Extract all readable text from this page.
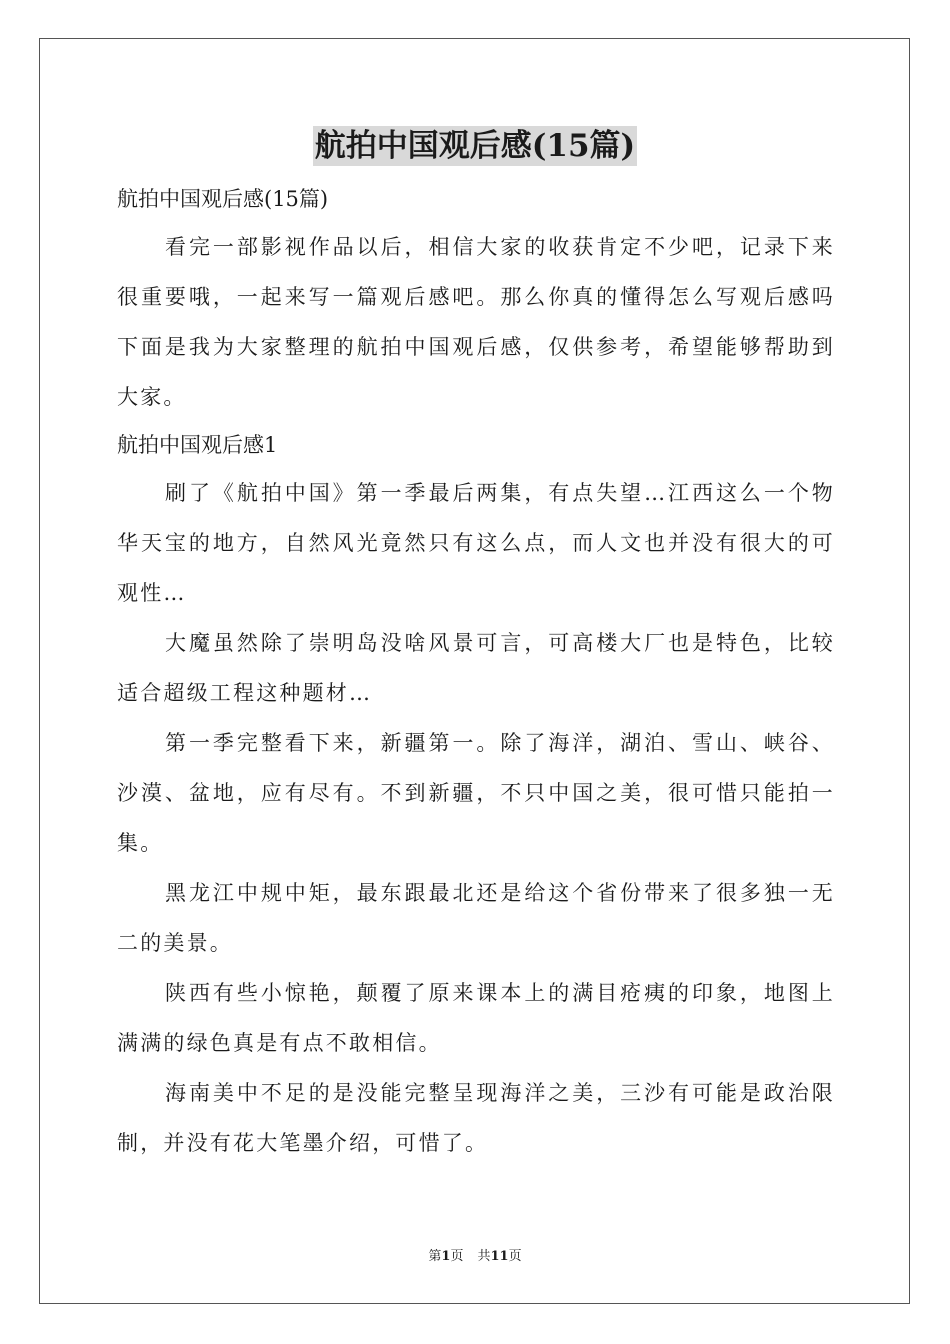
航拍中国观后感(15篇)

航拍中国观后感(15篇)

看完一部影视作品以后，相信大家的收获肯定不少吧，记录下来很重要哦，一起来写一篇观后感吧。那么你真的懂得怎么写观后感吗下面是我为大家整理的航拍中国观后感，仅供参考，希望能够帮助到大家。

航拍中国观后感1

刷了《航拍中国》第一季最后两集，有点失望…江西这么一个物华天宝的地方，自然风光竟然只有这么点，而人文也并没有很大的可观性…

大魔虽然除了崇明岛没啥风景可言，可高楼大厂也是特色，比较适合超级工程这种题材…

第一季完整看下来，新疆第一。除了海洋，湖泊、雪山、峡谷、沙漠、盆地，应有尽有。不到新疆，不只中国之美，很可惜只能拍一集。

黑龙江中规中矩，最东跟最北还是给这个省份带来了很多独一无二的美景。

陕西有些小惊艳，颠覆了原来课本上的满目疮痍的印象，地图上满满的绿色真是有点不敢相信。

海南美中不足的是没能完整呈现海洋之美，三沙有可能是政治限制，并没有花大笔墨介绍，可惜了。

第1页 共11页
